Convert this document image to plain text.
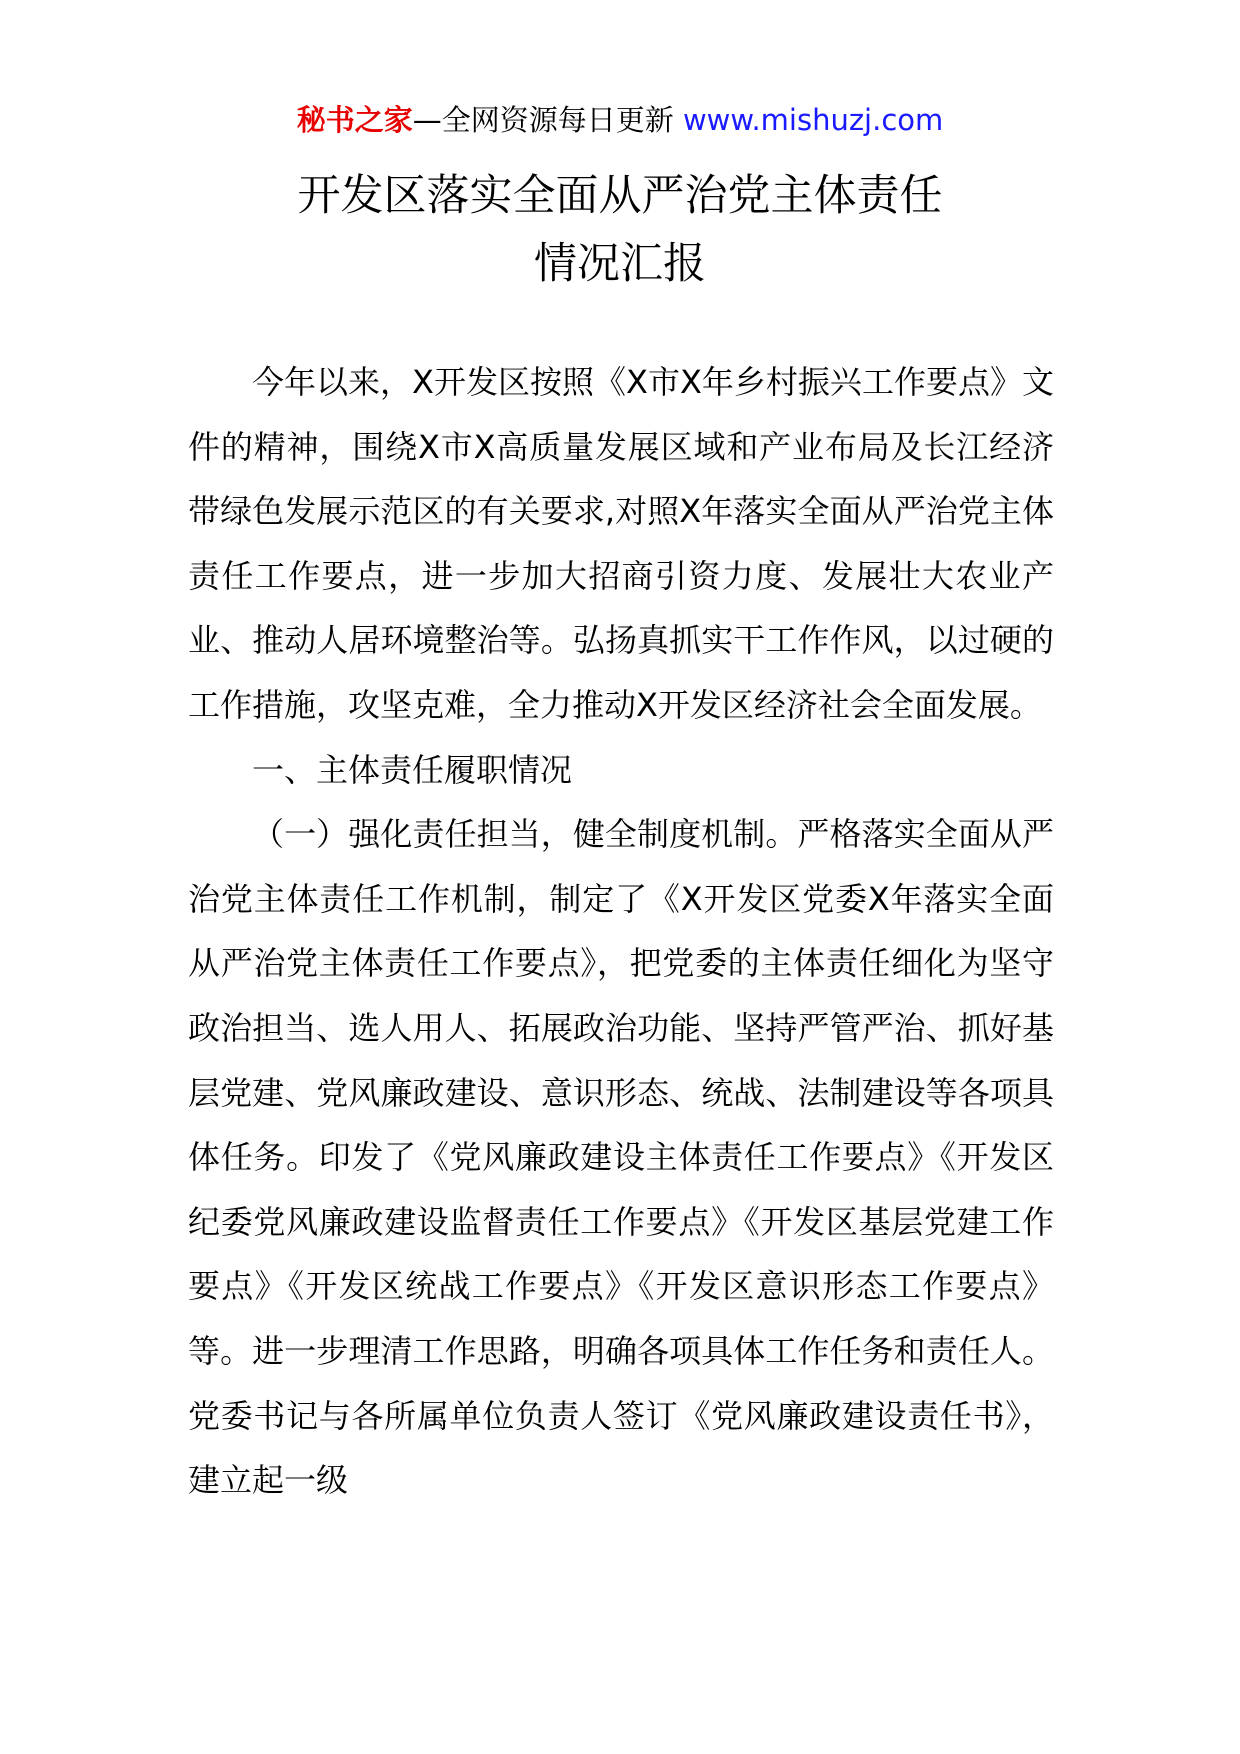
秘书之家—全网资源每日更新 www.mishuzj.com
开发区落实全面从严治党主体责任
情况汇报

今年以来，X开发区按照《X市X年乡村振兴工作要点》文件的精神，围绕X市X高质量发展区域和产业布局及长江经济带绿色发展示范区的有关要求,对照X年落实全面从严治党主体责任工作要点，进一步加大招商引资力度、发展壮大农业产业、推动人居环境整治等。弘扬真抓实干工作作风，以过硬的工作措施，攻坚克难，全力推动X开发区经济社会全面发展。

一、主体责任履职情况

（一）强化责任担当，健全制度机制。严格落实全面从严治党主体责任工作机制，制定了《X开发区党委X年落实全面从严治党主体责任工作要点》，把党委的主体责任细化为坚守政治担当、选人用人、拓展政治功能、坚持严管严治、抓好基层党建、党风廉政建设、意识形态、统战、法制建设等各项具体任务。印发了《党风廉政建设主体责任工作要点》《开发区纪委党风廉政建设监督责任工作要点》《开发区基层党建工作要点》《开发区统战工作要点》《开发区意识形态工作要点》等。进一步理清工作思路，明确各项具体工作任务和责任人。党委书记与各所属单位负责人签订《党风廉政建设责任书》，建立起一级
